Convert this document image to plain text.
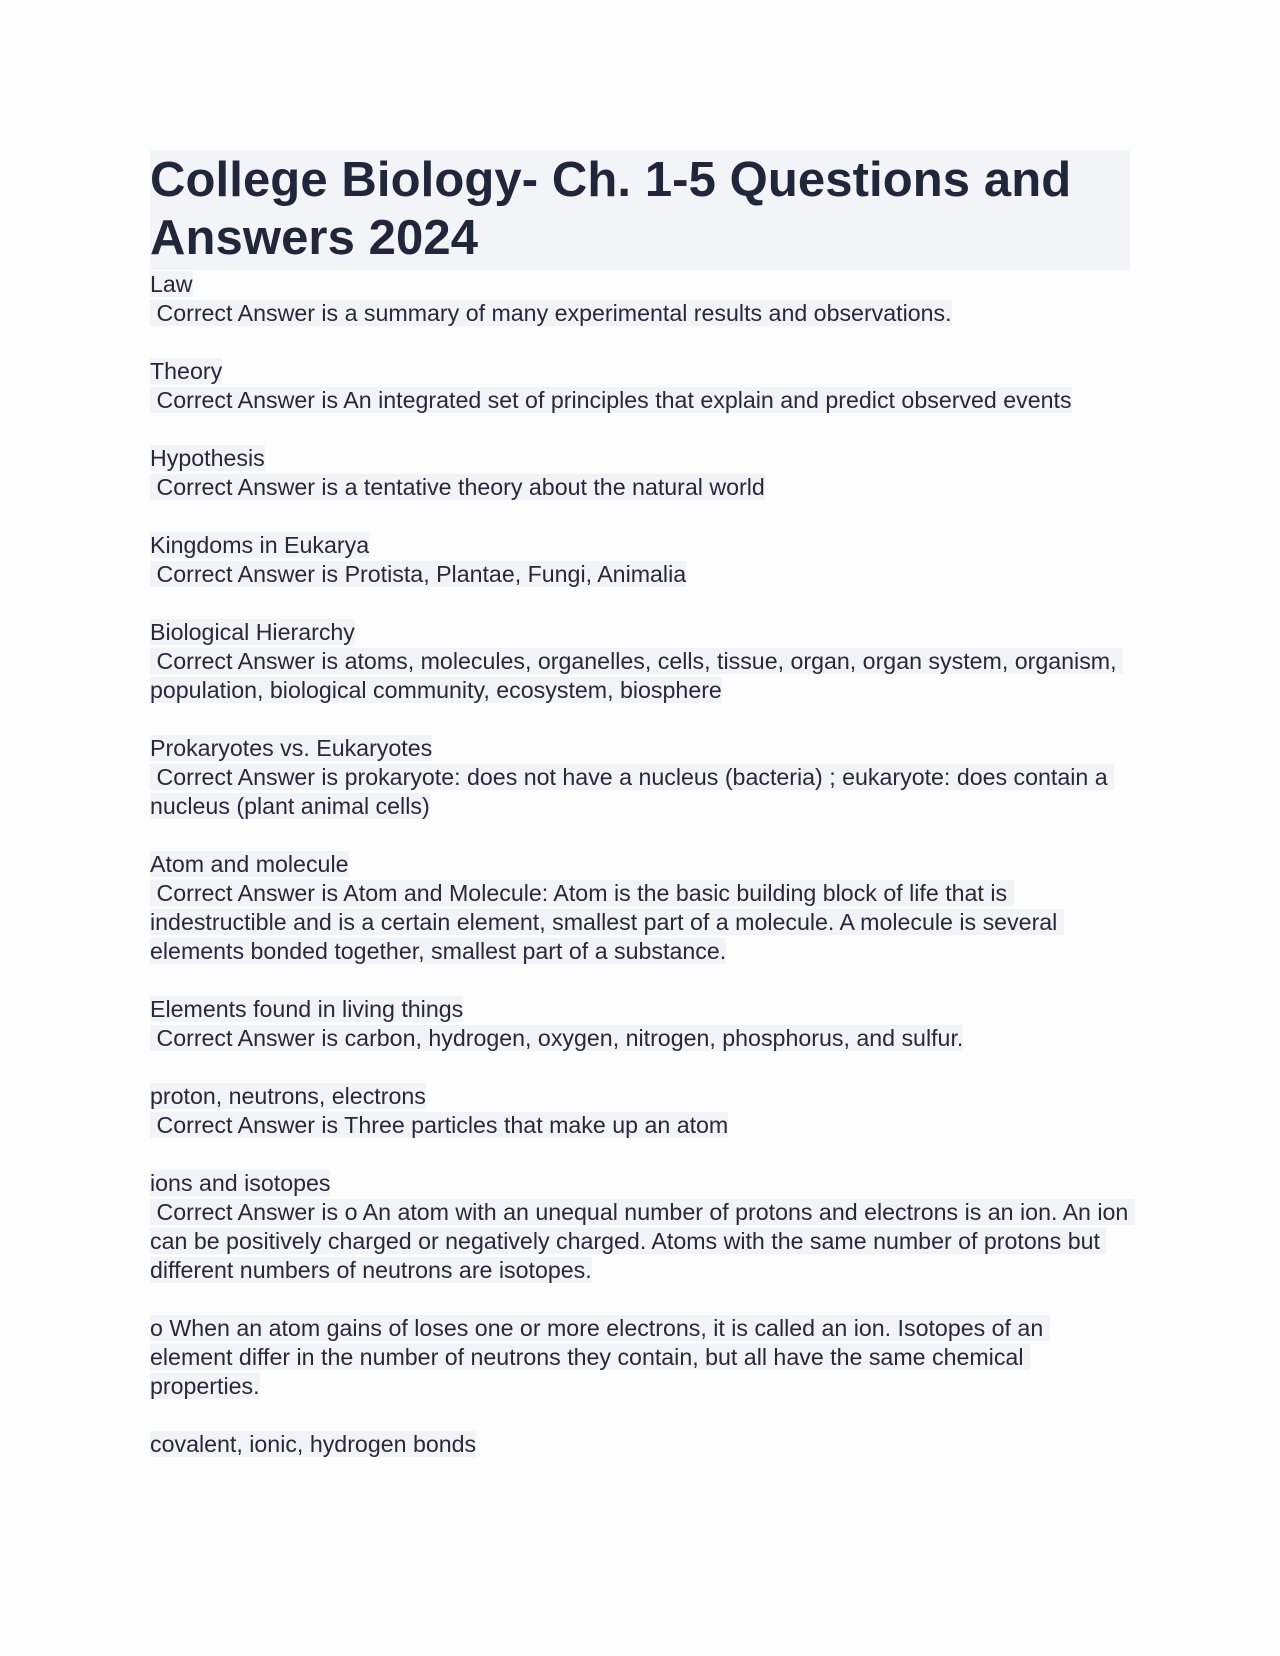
College Biology- Ch. 1-5 Questions and Answers 2024
Law
Correct Answer is a summary of many experimental results and observations.
Theory
Correct Answer is An integrated set of principles that explain and predict observed events
Hypothesis
Correct Answer is a tentative theory about the natural world
Kingdoms in Eukarya
Correct Answer is Protista, Plantae, Fungi, Animalia
Biological Hierarchy
Correct Answer is atoms, molecules, organelles, cells, tissue, organ, organ system, organism, population, biological community, ecosystem, biosphere
Prokaryotes vs. Eukaryotes
Correct Answer is prokaryote: does not have a nucleus (bacteria) ; eukaryote: does contain a nucleus (plant animal cells)
Atom and molecule
Correct Answer is Atom and Molecule: Atom is the basic building block of life that is indestructible and is a certain element, smallest part of a molecule. A molecule is several elements bonded together, smallest part of a substance.
Elements found in living things
Correct Answer is carbon, hydrogen, oxygen, nitrogen, phosphorus, and sulfur.
proton, neutrons, electrons
Correct Answer is Three particles that make up an atom
ions and isotopes
Correct Answer is o An atom with an unequal number of protons and electrons is an ion. An ion can be positively charged or negatively charged. Atoms with the same number of protons but different numbers of neutrons are isotopes.
o When an atom gains of loses one or more electrons, it is called an ion. Isotopes of an element differ in the number of neutrons they contain, but all have the same chemical properties.
covalent, ionic, hydrogen bonds
